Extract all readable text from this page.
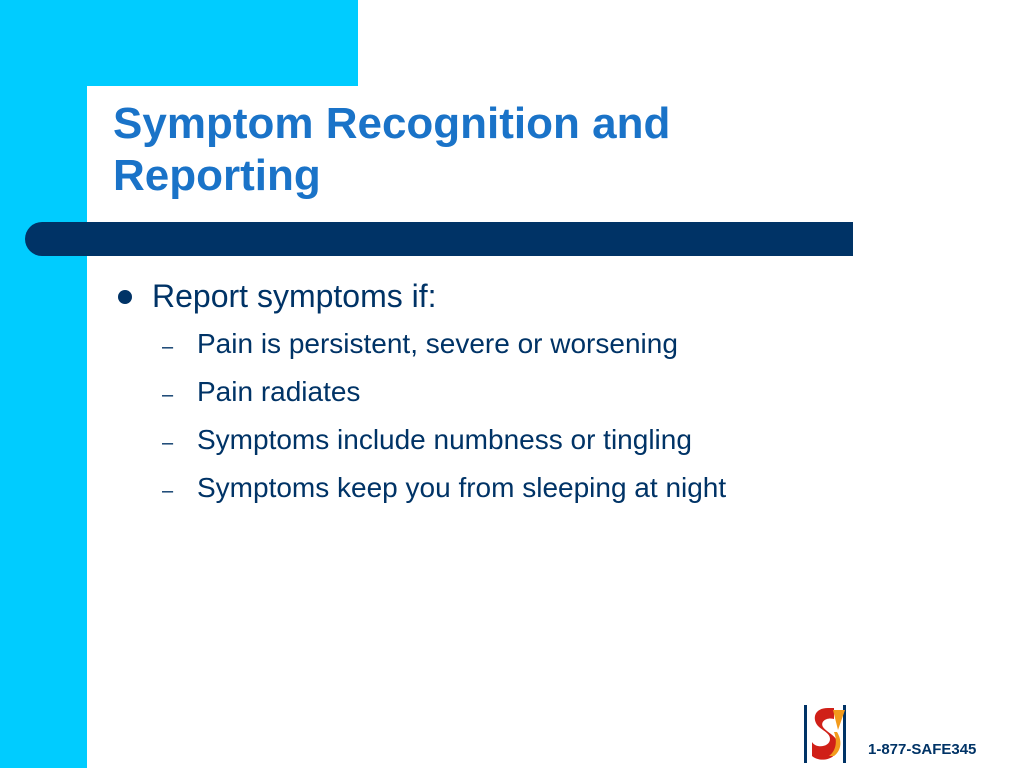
Symptom Recognition and
Reporting
Report symptoms if:
– Pain is persistent, severe or worsening
– Pain radiates
– Symptoms include numbness or tingling
– Symptoms keep you from sleeping at night
1-877-SAFE345
